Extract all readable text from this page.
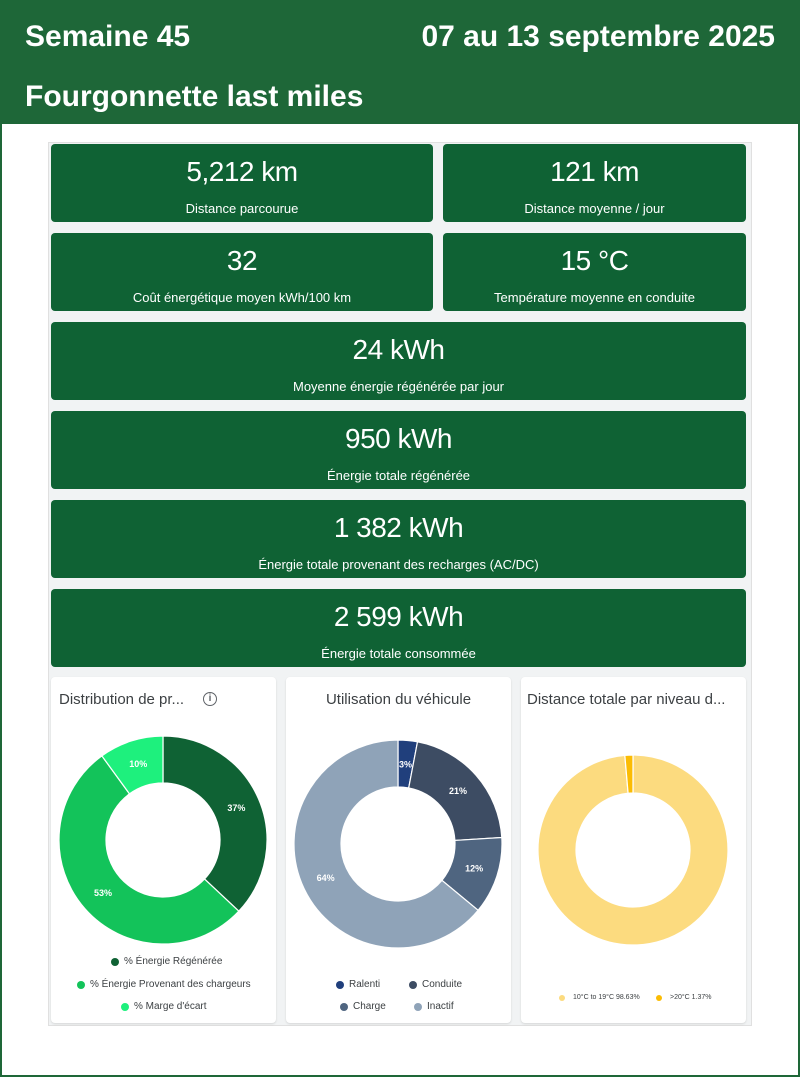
Semaine 45	07 au 13 septembre 2025
Fourgonnette last miles
5,212 km
Distance parcourue
121 km
Distance moyenne / jour
32
Coût énergétique moyen kWh/100 km
15 °C
Température moyenne en conduite
24 kWh
Moyenne énergie régénérée par jour
950 kWh
Énergie totale régénérée
1 382 kWh
Énergie totale provenant des recharges (AC/DC)
2 599 kWh
Énergie totale consommée
Distribution de pr...	i
37%
53%
10%
% Énergie Régénérée
% Énergie Provenant des chargeurs
% Marge d'écart
Utilisation du véhicule
3%
21%
12%
64%
Ralenti	Conduite
Charge	Inactif
Distance totale par niveau d...
10°C to 19°C 98.63%	>20°C 1.37%
